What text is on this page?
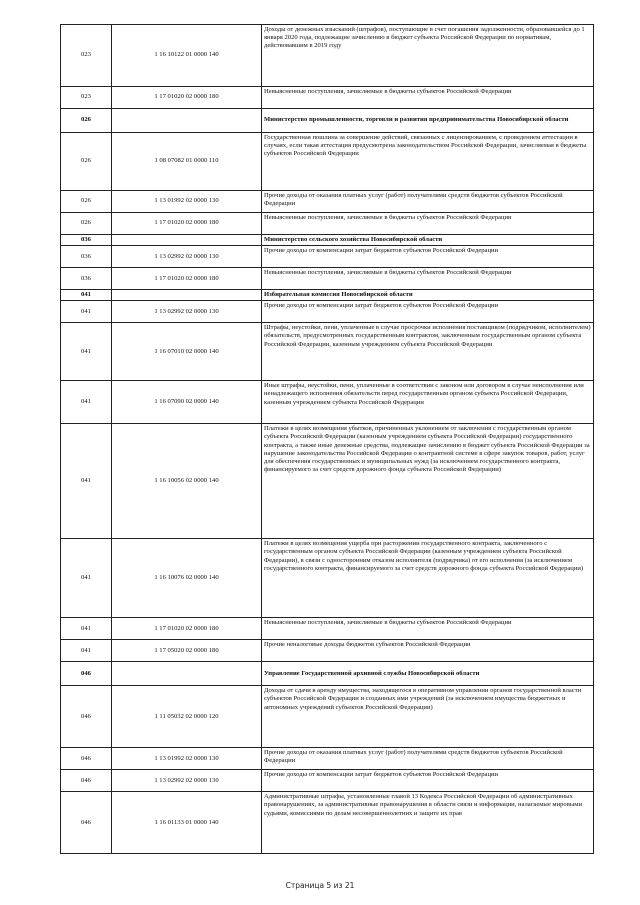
023	1 16 10122 01 0000 140	Доходы от денежных взысканий (штрафов), поступающие в счет погашения задолженности, образовавшейся до 1 января 2020 года, подлежащие зачислению в бюджет субъекта Российской Федерации по нормативам, действовавшим в 2019 году
023	1 17 01020 02 0000 180	Невыясненные поступления, зачисляемые в бюджеты субъектов Российской Федерации
026		Министерство промышленности, торговли и развития предпринимательства Новосибирской области
026	1 08 07082 01 0000 110	Государственная пошлина за совершение действий, связанных с лицензированием, с проведением аттестации в случаях, если такая аттестация предусмотрена законодательством Российской Федерации, зачисляемая в бюджеты субъектов Российской Федерации
026	1 13 01992 02 0000 130	Прочие доходы от оказания платных услуг (работ) получателями средств бюджетов субъектов Российской Федерации
026	1 17 01020 02 0000 180	Невыясненные поступления, зачисляемые в бюджеты субъектов Российской Федерации
036		Министерство сельского хозяйства Новосибирской области
036	1 13 02992 02 0000 130	Прочие доходы от компенсации затрат бюджетов субъектов Российской Федерации
036	1 17 01020 02 0000 180	Невыясненные поступления, зачисляемые в бюджеты субъектов Российской Федерации
041		Избирательная комиссия Новосибирской области
041	1 13 02992 02 0000 130	Прочие доходы от компенсации затрат бюджетов субъектов Российской Федерации
041	1 16 07010 02 0000 140	Штрафы, неустойки, пени, уплаченные в случае просрочки исполнения поставщиком (подрядчиком, исполнителем) обязательств, предусмотренных государственным контрактом, заключенным государственным органом субъекта Российской Федерации, казенным учреждением субъекта Российской Федерации
041	1 16 07090 02 0000 140	Иные штрафы, неустойки, пени, уплаченные в соответствии с законом или договором в случае неисполнения или ненадлежащего исполнения обязательств перед государственным органом субъекта Российской Федерации, казенным учреждением субъекта Российской Федерации
041	1 16 10056 02 0000 140	Платежи в целях возмещения убытков, причиненных уклонением от заключения с государственным органом субъекта Российской Федерации (казенным учреждением субъекта Российской Федерации) государственного контракта, а также иные денежные средства, подлежащие зачислению в бюджет субъекта Российской Федерации за нарушение законодательства Российской Федерации о контрактной системе в сфере закупок товаров, работ, услуг для обеспечения государственных и муниципальных нужд (за исключением государственного контракта, финансируемого за счет средств дорожного фонда субъекта Российской Федерации)
041	1 16 10076 02 0000 140	Платежи в целях возмещения ущерба при расторжении государственного контракта, заключенного с государственным органом субъекта Российской Федерации (казенным учреждением субъекта Российской Федерации), в связи с односторонним отказом исполнителя (подрядчика) от его исполнения (за исключением государственного контракта, финансируемого за счет средств дорожного фонда субъекта Российской Федерации)
041	1 17 01020 02 0000 180	Невыясненные поступления, зачисляемые в бюджеты субъектов Российской Федерации
041	1 17 05020 02 0000 180	Прочие неналоговые доходы бюджетов субъектов Российской Федерации
046		Управление Государственной архивной службы Новосибирской области
046	1 11 05032 02 0000 120	Доходы от сдачи в аренду имущества, находящегося в оперативном управлении органов государственной власти субъектов Российской Федерации и созданных ими учреждений (за исключением имущества бюджетных и автономных учреждений субъектов Российской Федерации)
046	1 13 01992 02 0000 130	Прочие доходы от оказания платных услуг (работ) получателями средств бюджетов субъектов Российской Федерации
046	1 13 02992 02 0000 130	Прочие доходы от компенсации затрат бюджетов субъектов Российской Федерации
046	1 16 01133 01 0000 140	Административные штрафы, установленные главой 13 Кодекса Российской Федерации об административных правонарушениях, за административные правонарушения в области связи и информации, налагаемые мировыми судьями, комиссиями по делам несовершеннолетних и защите их прав
Страница 5 из 21
